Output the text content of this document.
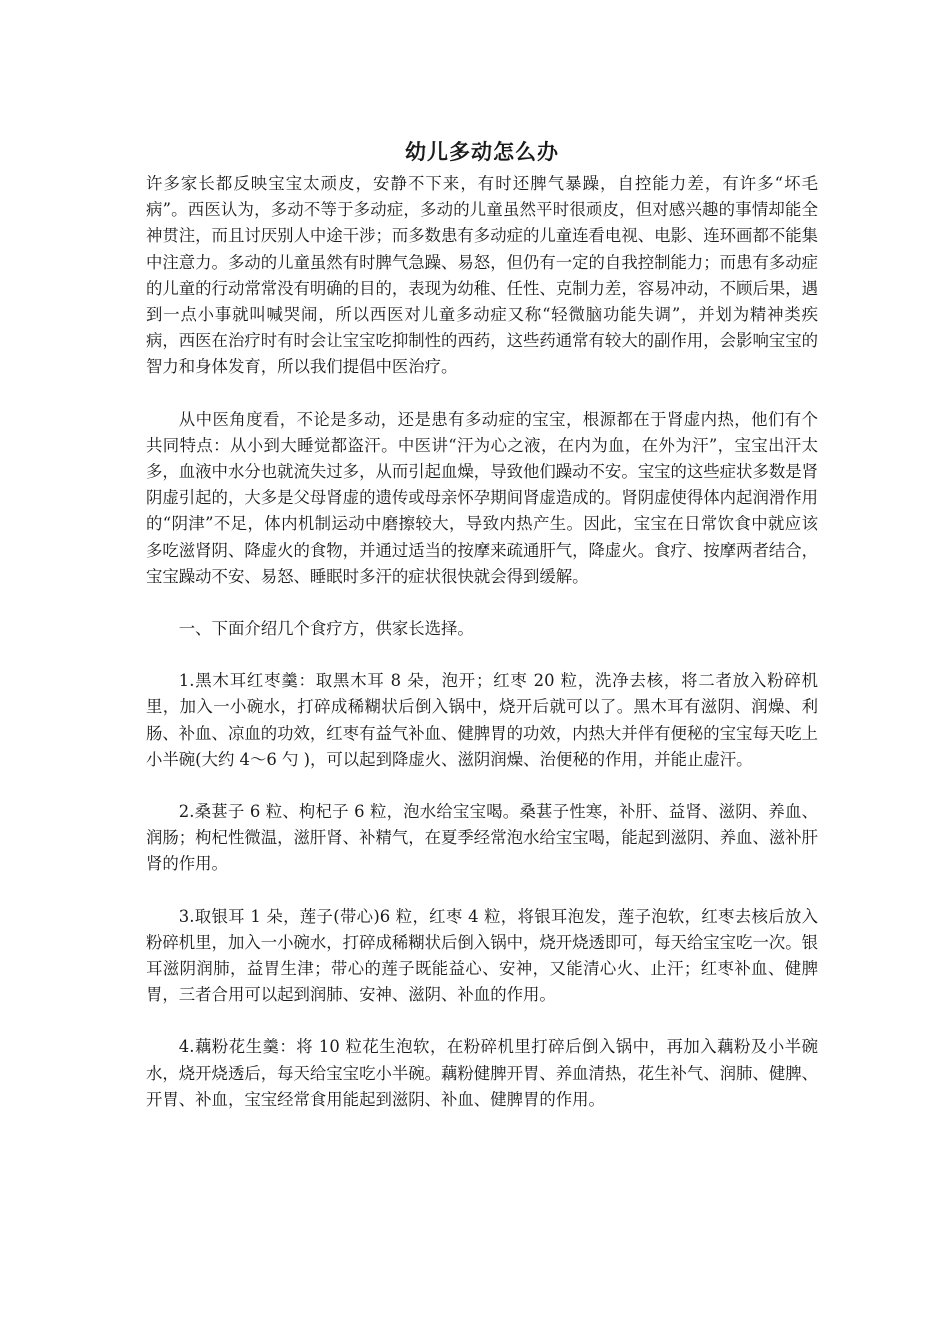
幼儿多动怎么办

许多家长都反映宝宝太顽皮，安静不下来，有时还脾气暴躁，自控能力差，有许多“坏毛病”。西医认为，多动不等于多动症，多动的儿童虽然平时很顽皮，但对感兴趣的事情却能全神贯注，而且讨厌别人中途干涉；而多数患有多动症的儿童连看电视、电影、连环画都不能集中注意力。多动的儿童虽然有时脾气急躁、易怒，但仍有一定的自我控制能力；而患有多动症的儿童的行动常常没有明确的目的，表现为幼稚、任性、克制力差，容易冲动，不顾后果，遇到一点小事就叫喊哭闹，所以西医对儿童多动症又称“轻微脑功能失调”，并划为精神类疾病，西医在治疗时有时会让宝宝吃抑制性的西药，这些药通常有较大的副作用，会影响宝宝的智力和身体发育，所以我们提倡中医治疗。

从中医角度看，不论是多动，还是患有多动症的宝宝，根源都在于肾虚内热，他们有个共同特点：从小到大睡觉都盗汗。中医讲“汗为心之液，在内为血，在外为汗”，宝宝出汗太多，血液中水分也就流失过多，从而引起血燥，导致他们躁动不安。宝宝的这些症状多数是肾阴虚引起的，大多是父母肾虚的遗传或母亲怀孕期间肾虚造成的。肾阴虚使得体内起润滑作用的“阴津”不足，体内机制运动中磨擦较大，导致内热产生。因此，宝宝在日常饮食中就应该多吃滋肾阴、降虚火的食物，并通过适当的按摩来疏通肝气，降虚火。食疗、按摩两者结合，宝宝躁动不安、易怒、睡眠时多汗的症状很快就会得到缓解。

一、下面介绍几个食疗方，供家长选择。

1.黑木耳红枣羹：取黑木耳 8 朵，泡开；红枣 20 粒，洗净去核，将二者放入粉碎机里，加入一小碗水，打碎成稀糊状后倒入锅中，烧开后就可以了。黑木耳有滋阴、润燥、利肠、补血、凉血的功效，红枣有益气补血、健脾胃的功效，内热大并伴有便秘的宝宝每天吃上小半碗(大约 4～6 勺 )，可以起到降虚火、滋阴润燥、治便秘的作用，并能止虚汗。

2.桑葚子 6 粒、枸杞子 6 粒，泡水给宝宝喝。桑葚子性寒，补肝、益肾、滋阴、养血、润肠；枸杞性微温，滋肝肾、补精气，在夏季经常泡水给宝宝喝，能起到滋阴、养血、滋补肝肾的作用。

3.取银耳 1 朵，莲子(带心)6 粒，红枣 4 粒，将银耳泡发，莲子泡软，红枣去核后放入粉碎机里，加入一小碗水，打碎成稀糊状后倒入锅中，烧开烧透即可，每天给宝宝吃一次。银耳滋阴润肺，益胃生津；带心的莲子既能益心、安神，又能清心火、止汗；红枣补血、健脾胃，三者合用可以起到润肺、安神、滋阴、补血的作用。

4.藕粉花生羹：将 10 粒花生泡软，在粉碎机里打碎后倒入锅中，再加入藕粉及小半碗水，烧开烧透后，每天给宝宝吃小半碗。藕粉健脾开胃、养血清热，花生补气、润肺、健脾、开胃、补血，宝宝经常食用能起到滋阴、补血、健脾胃的作用。
